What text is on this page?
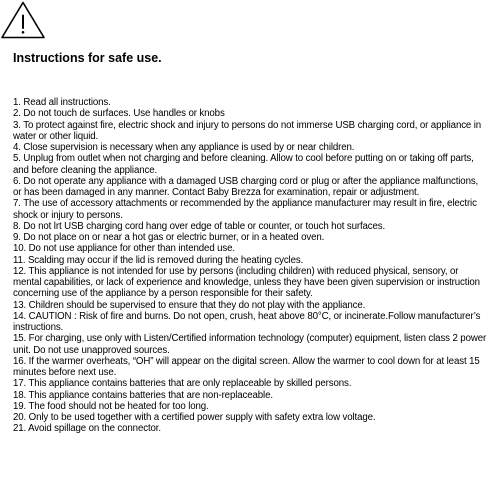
Instructions for safe use.
1. Read all instructions.
2. Do not touch de surfaces. Use handles or knobs
3. To protect against fire, electric shock and injury to persons do not immerse USB charging cord, or appliance in water or other liquid.
4. Close supervision is necessary when any appliance is used by or near children.
5. Unplug from outlet when not charging and before cleaning. Allow to cool before putting on or taking off parts, and before cleaning the appliance.
6. Do not operate any appliance with a damaged USB charging cord or plug or after the appliance malfunctions, or has been damaged in any manner. Contact Baby Brezza for examination, repair or adjustment.
7. The use of accessory attachments or recommended by the appliance manufacturer may result in fire, electric shock or injury to persons.
8. Do not lrt USB charging cord hang over edge of table or counter, or touch hot surfaces.
9. Do not place on or near a hot gas or electric burner, or in a heated oven.
10. Do not use appliance for other than intended use.
11. Scalding may occur if the lid is removed during the heating cycles.
12. This appliance is not intended for use by persons (including children) with reduced physical, sensory, or mental capabilities, or lack of experience and knowledge, unless they have been given supervision or instruction concerning use of the appliance by a person responsible for their safety.
13. Children should be supervised to ensure that they do not play with the appliance.
14. CAUTION : Risk of fire and burns. Do not open, crush, heat above 80°C, or incinerate.Follow manufacturer’s instructions.
15. For charging, use only with Listen/Certified information technology (computer) equipment, listen class 2 power unit. Do not use unapproved sources.
16. If the warmer overheats, “OH” will appear on the digital screen. Allow the warmer to cool down for at least 15 minutes before next use.
17. This appliance contains batteries that are only replaceable by skilled persons.
18. This appliance contains batteries that are non-replaceable.
19. The food should not be heated for too long.
20. Only to be used together with a certified power supply with safety extra low voltage.
21. Avoid spillage on the connector.
